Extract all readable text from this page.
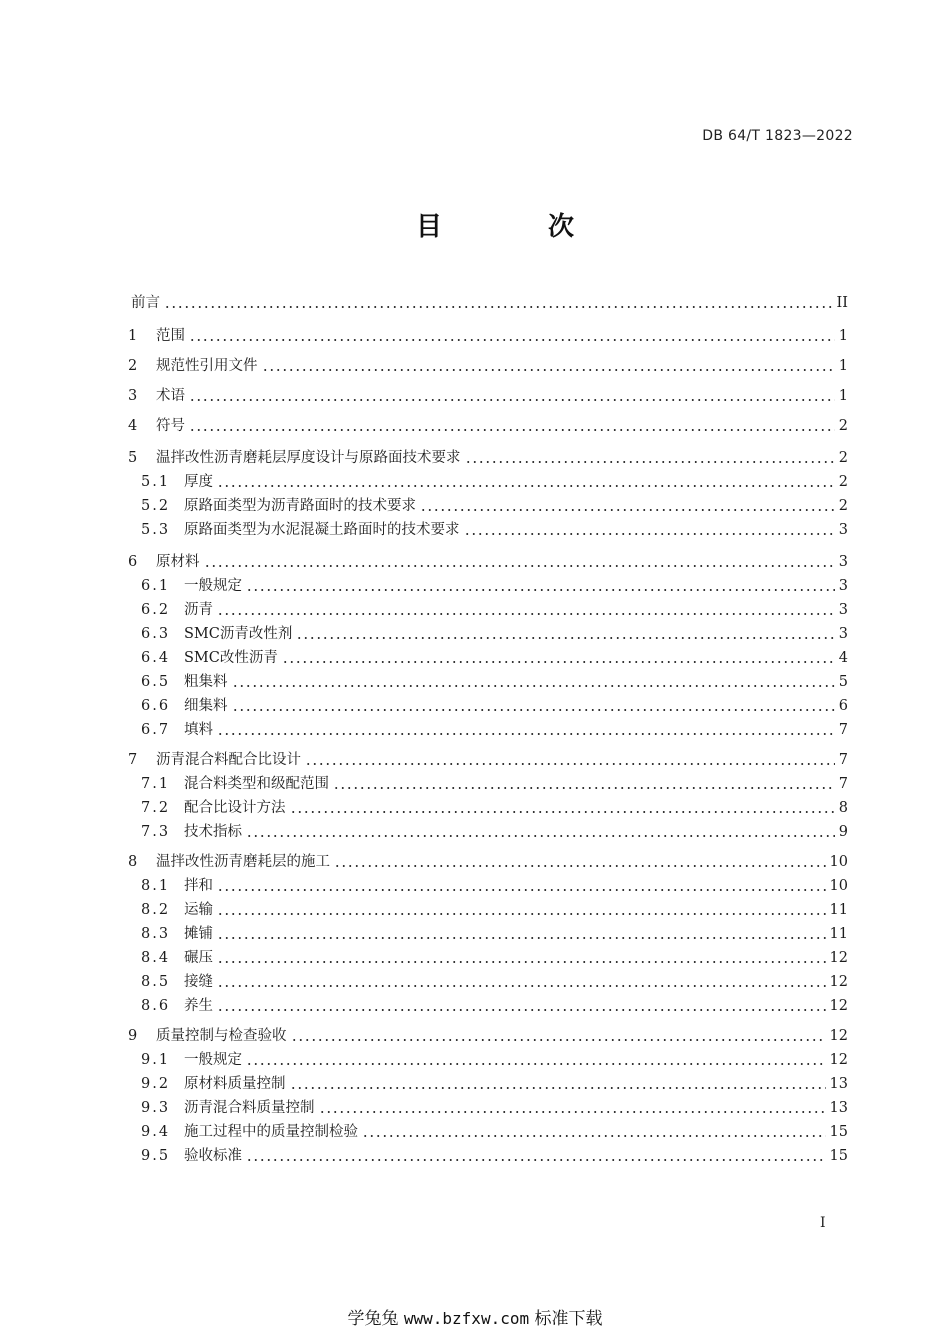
DB 64/T 1823—2022
目　次
前言	II
1	范围	1
2	规范性引用文件	1
3	术语	1
4	符号	2
5	温拌改性沥青磨耗层厚度设计与原路面技术要求	2
5.1 厚度	2
5.2 原路面类型为沥青路面时的技术要求	2
5.3 原路面类型为水泥混凝土路面时的技术要求	3
6	原材料	3
6.1 一般规定	3
6.2 沥青	3
6.3 SMC沥青改性剂	3
6.4 SMC改性沥青	4
6.5 粗集料	5
6.6 细集料	6
6.7 填料	7
7	沥青混合料配合比设计	7
7.1 混合料类型和级配范围	7
7.2 配合比设计方法	8
7.3 技术指标	9
8	温拌改性沥青磨耗层的施工	10
8.1 拌和	10
8.2 运输	11
8.3 摊铺	11
8.4 碾压	12
8.5 接缝	12
8.6 养生	12
9	质量控制与检查验收	12
9.1 一般规定	12
9.2 原材料质量控制	13
9.3 沥青混合料质量控制	13
9.4 施工过程中的质量控制检验	15
9.5 验收标准	15
I
学兔兔 www.bzfxw.com 标准下载
